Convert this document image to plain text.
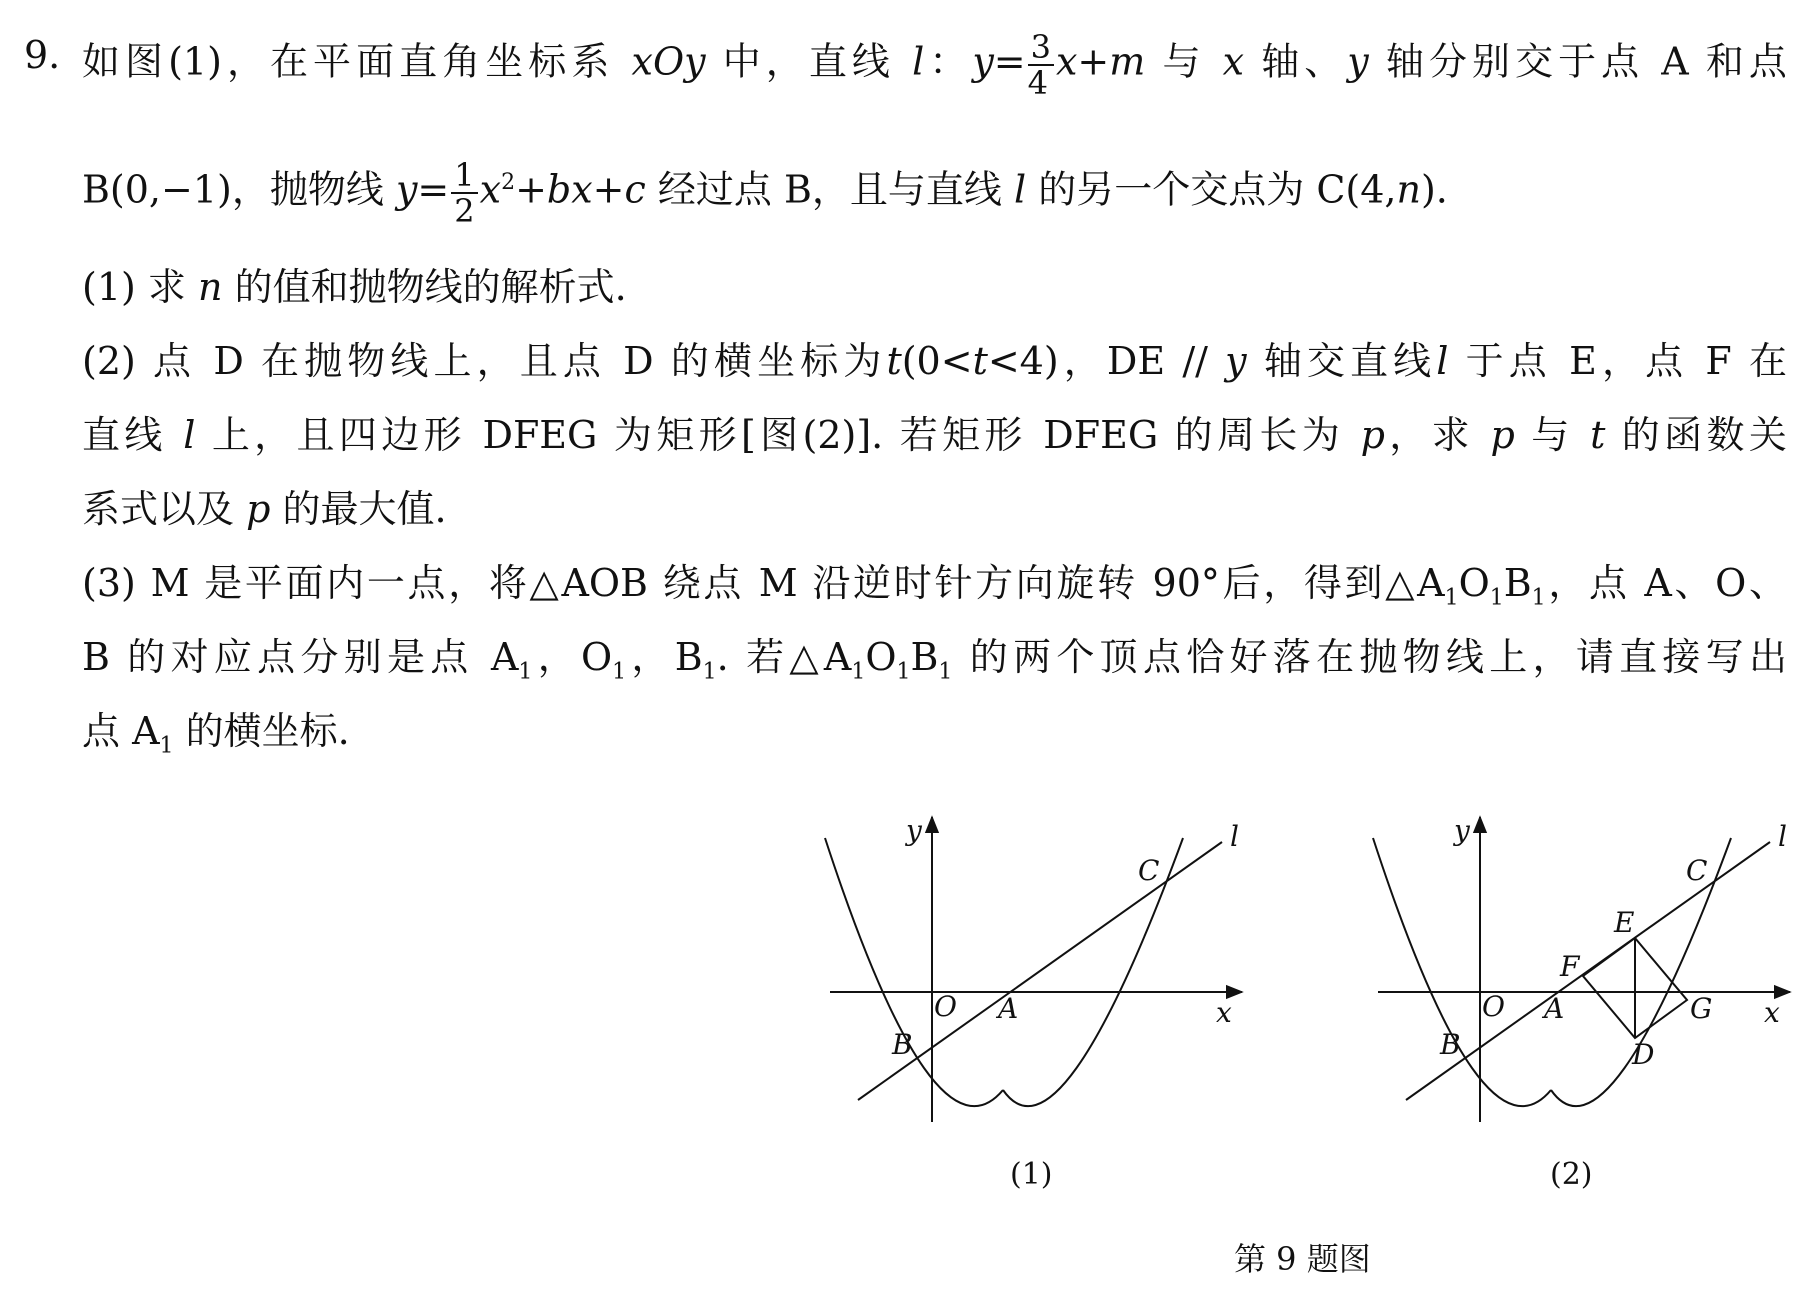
9. 如图(1)，在平面直角坐标系 xOy 中，直线 l：$y= \frac{3}{4} x+m$ 与 x 轴、y 轴分别交于点 A 和点
B(0,−1)，抛物线 $y= \frac{1}{2} x^2+bx+c$ 经过点 B，且与直线 l 的另一个交点为 C(4,n).
(1) 求 n 的值和抛物线的解析式.
(2) 点 D 在抛物线上，且点 D 的横坐标为t(0<t<4)，DE // y 轴交直线l 于点 E，点 F 在
直线 l 上，且四边形 DFEG 为矩形[图(2)]. 若矩形 DFEG 的周长为 p，求 p 与 t 的函数关
系式以及 p 的最大值.
(3) M 是平面内一点，将△AOB 绕点 M 沿逆时针方向旋转 90°后，得到$\triangle A_1O_1B_1$，点 A、O、
B 的对应点分别是点 $A_1$，$O_1$，$B_1$. 若$\triangle A_1O_1B_1$ 的两个顶点恰好落在抛物线上，请直接写出
点 $A_1$ 的横坐标.
y
x
O A
B
C
l
(1)
y
x
O A
B
C
l
E
F
G
D
(2)
第 9 题图
